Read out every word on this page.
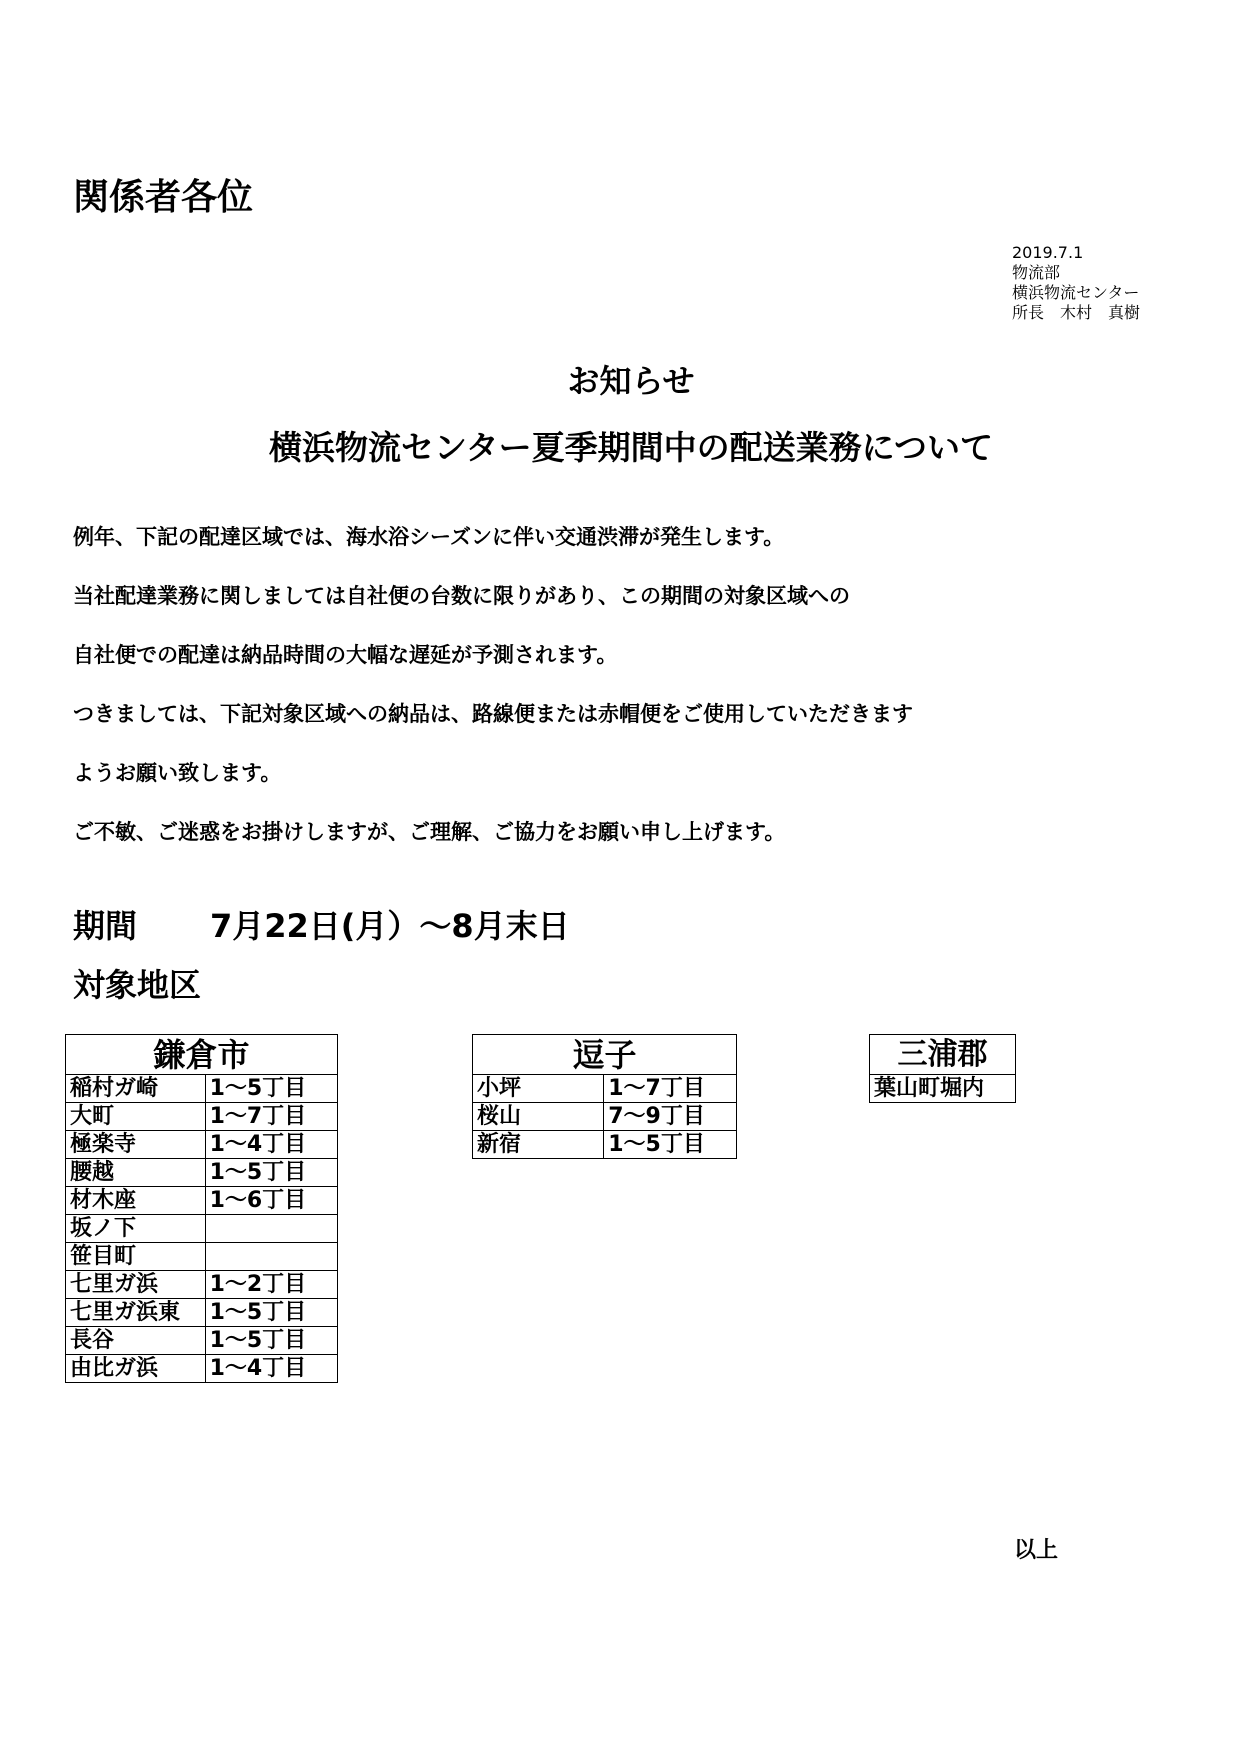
関係者各位
2019.7.1
物流部
横浜物流センター
所長　木村　真樹
お知らせ
横浜物流センター夏季期間中の配送業務について
例年、下記の配達区域では、海水浴シーズンに伴い交通渋滞が発生します。
当社配達業務に関しましては自社便の台数に限りがあり、この期間の対象区域への
自社便での配達は納品時間の大幅な遅延が予測されます。
つきましては、下記対象区域への納品は、路線便または赤帽便をご使用していただきます
ようお願い致します。
ご不敏、ご迷惑をお掛けしますが、ご理解、ご協力をお願い申し上げます。
期間 7月22日(月）～8月末日
対象地区
鎌倉市	
稲村ガ崎	1～5丁目
大町	1～7丁目
極楽寺	1～4丁目
腰越	1～5丁目
材木座	1～6丁目
坂ノ下	
笹目町	
七里ガ浜	1～2丁目
七里ガ浜東	1～5丁目
長谷	1～5丁目
由比ガ浜	1～4丁目
逗子	
小坪	1～7丁目
桜山	7～9丁目
新宿	1～5丁目
三浦郡
葉山町堀内
以上
